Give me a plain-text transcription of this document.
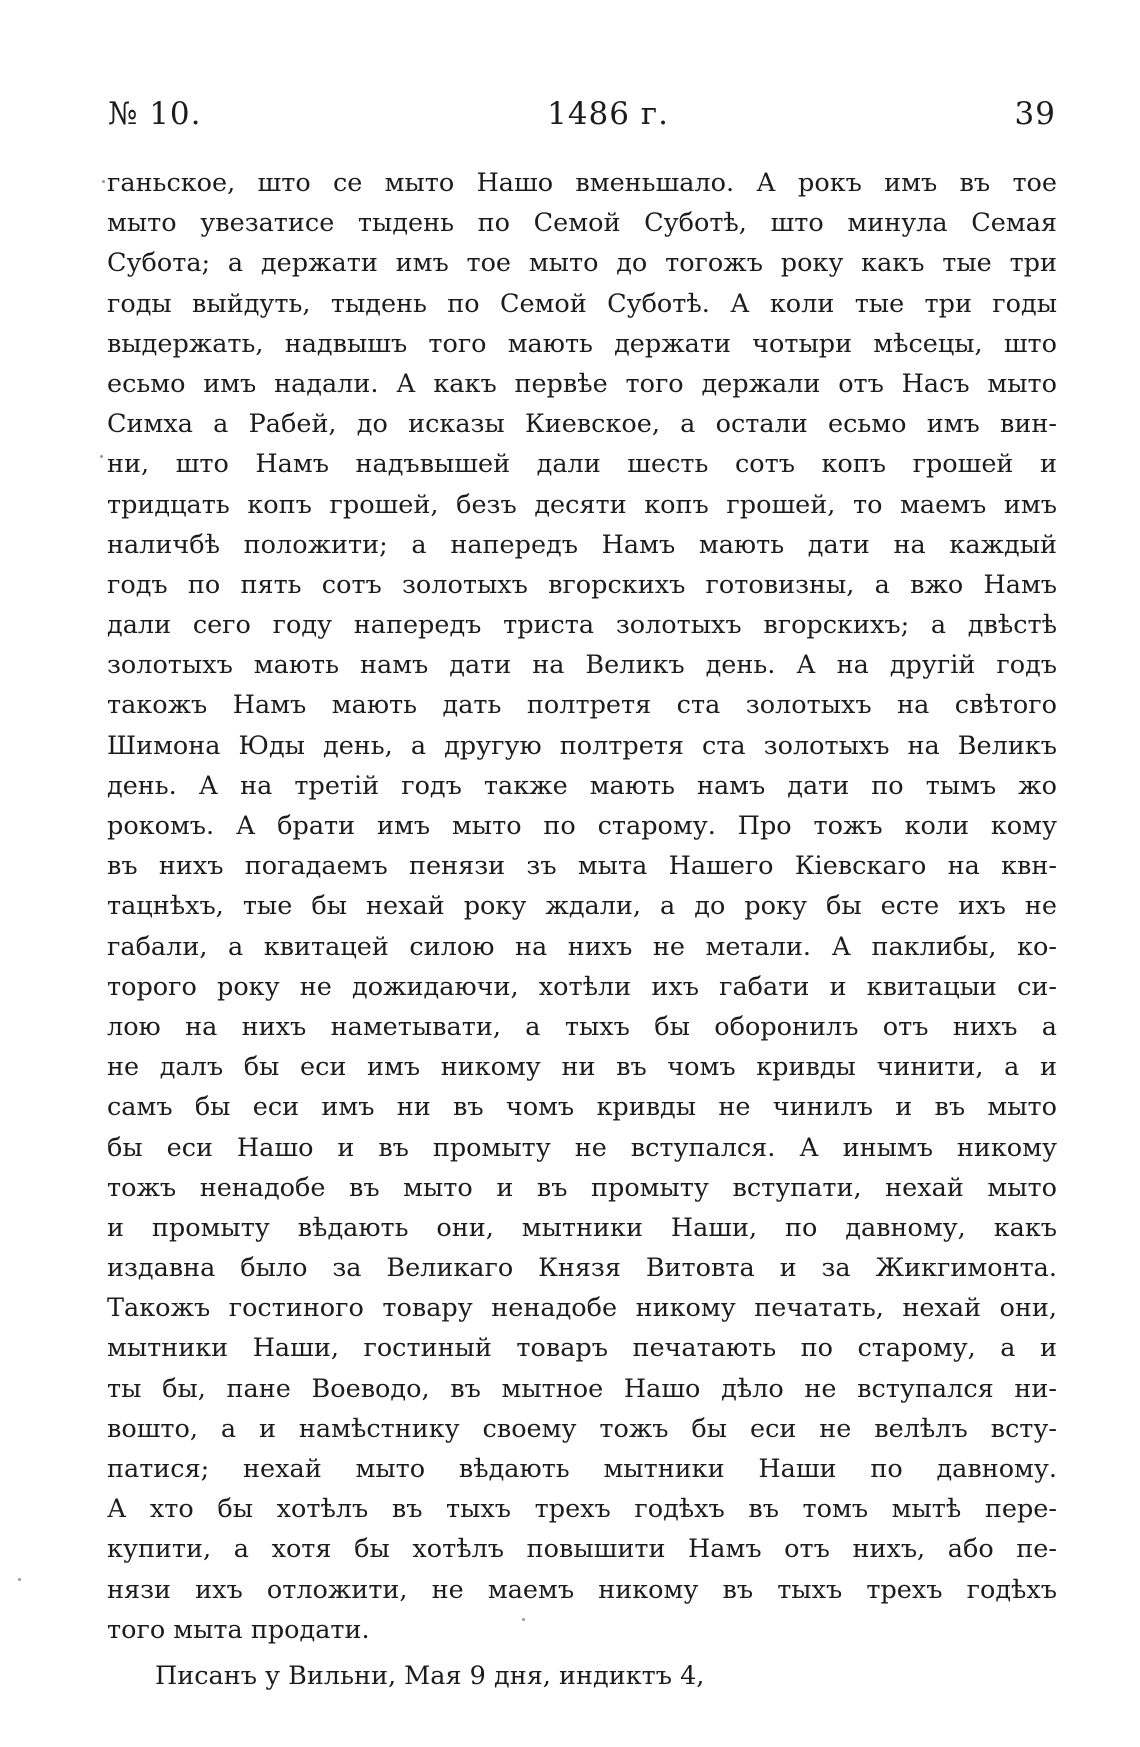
№ 10.	1486 г.	39
ганьское, што се мыто Нашо вменьшало. А рокъ имъ въ тое
мыто увезатисе тыдень по Семой Суботѣ, што минула Семая
Субота; а держати имъ тое мыто до тогожъ року какъ тые три
годы выйдуть, тыдень по Семой Суботѣ. А коли тые три годы
выдержать, надвышъ того мають держати чотыри мѣсецы, што
есьмо имъ надали. А какъ первѣе того держали отъ Насъ мыто
Симха а Рабей, до исказы Киевское, а остали есьмо имъ вин-
ни, што Намъ надъвышей дали шесть сотъ копъ грошей и
тридцать копъ грошей, безъ десяти копъ грошей, то маемъ имъ
наличбѣ положити; а напередъ Намъ мають дати на каждый
годъ по пять сотъ золотыхъ вгорскихъ готовизны, а вжо Намъ
дали сего году напередъ триста золотыхъ вгорскихъ; а двѣстѣ
золотыхъ мають намъ дати на Великъ день. А на другій годъ
такожъ Намъ мають дать полтретя ста золотыхъ на свѣтого
Шимона Юды день, а другую полтретя ста золотыхъ на Великъ
день. А на третій годъ также мають намъ дати по тымъ жо
рокомъ. А брати имъ мыто по старому. Про тожъ коли кому
въ нихъ погадаемъ пенязи зъ мыта Нашего Кіевскаго на квн-
тацнѣхъ, тые бы нехай року ждали, а до року бы есте ихъ не
габали, а квитацей силою на нихъ не метали. А паклибы, ко-
торого року не дожидаючи, хотѣли ихъ габати и квитацыи си-
лою на нихъ наметывати, а тыхъ бы оборонилъ отъ нихъ а
не далъ бы еси имъ никому ни въ чомъ кривды чинити, а и
самъ бы еси имъ ни въ чомъ кривды не чинилъ и въ мыто
бы еси Нашо и въ промыту не вступался. А инымъ никому
тожъ ненадобе въ мыто и въ промыту вступати, нехай мыто
и промыту вѣдають они, мытники Наши, по давному, какъ
издавна было за Великаго Князя Витовта и за Жикгимонта.
Такожъ гостиного товару ненадобе никому печатать, нехай они,
мытники Наши, гостиный товаръ печатають по старому, а и
ты бы, пане Воеводо, въ мытное Нашо дѣло не вступался ни-
вошто, а и намѣстнику своему тожъ бы еси не велѣлъ всту-
патися; нехай мыто вѣдають мытники Наши по давному.
А хто бы хотѣлъ въ тыхъ трехъ годѣхъ въ томъ мытѣ пере-
купити, а хотя бы хотѣлъ повышити Намъ отъ нихъ, або пе-
нязи ихъ отложити, не маемъ никому въ тыхъ трехъ годѣхъ
того мыта продати.
Писанъ у Вильни, Мая 9 дня, индиктъ 4,
